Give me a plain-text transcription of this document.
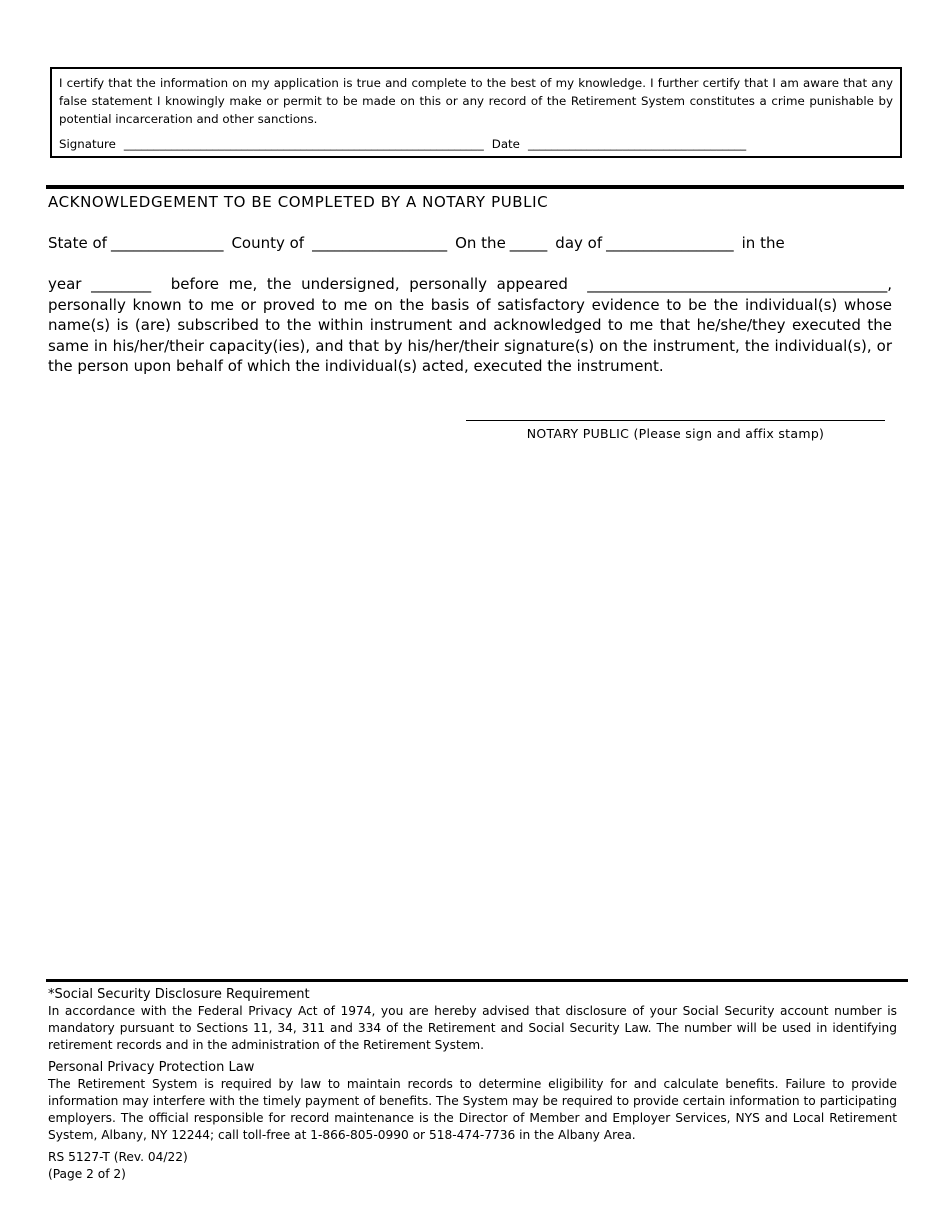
I certify that the information on my application is true and complete to the best of my knowledge. I further certify that I am aware that any false statement I knowingly make or permit to be made on this or any record of the Retirement System constitutes a crime punishable by potential incarceration and other sanctions.
Signature _____________________________________________________________ Date _____________________________________
ACKNOWLEDGEMENT TO BE COMPLETED BY A NOTARY PUBLIC
State of _______________ County of __________________ On the _____ day of _________________ in the
year ________ before me, the undersigned, personally appeared ________________________________________, personally known to me or proved to me on the basis of satisfactory evidence to be the individual(s) whose name(s) is (are) subscribed to the within instrument and acknowledged to me that he/she/they executed the same in his/her/their capacity(ies), and that by his/her/their signature(s) on the instrument, the individual(s), or the person upon behalf of which the individual(s) acted, executed the instrument.
NOTARY PUBLIC (Please sign and affix stamp)
*Social Security Disclosure Requirement

In accordance with the Federal Privacy Act of 1974, you are hereby advised that disclosure of your Social Security account number is mandatory pursuant to Sections 11, 34, 311 and 334 of the Retirement and Social Security Law. The number will be used in identifying retirement records and in the administration of the Retirement System.

Personal Privacy Protection Law

The Retirement System is required by law to maintain records to determine eligibility for and calculate benefits. Failure to provide information may interfere with the timely payment of benefits. The System may be required to provide certain information to participating employers. The official responsible for record maintenance is the Director of Member and Employer Services, NYS and Local Retirement System, Albany, NY 12244; call toll-free at 1-866-805-0990 or 518-474-7736 in the Albany Area.

RS 5127-T (Rev. 04/22)
(Page 2 of 2)
